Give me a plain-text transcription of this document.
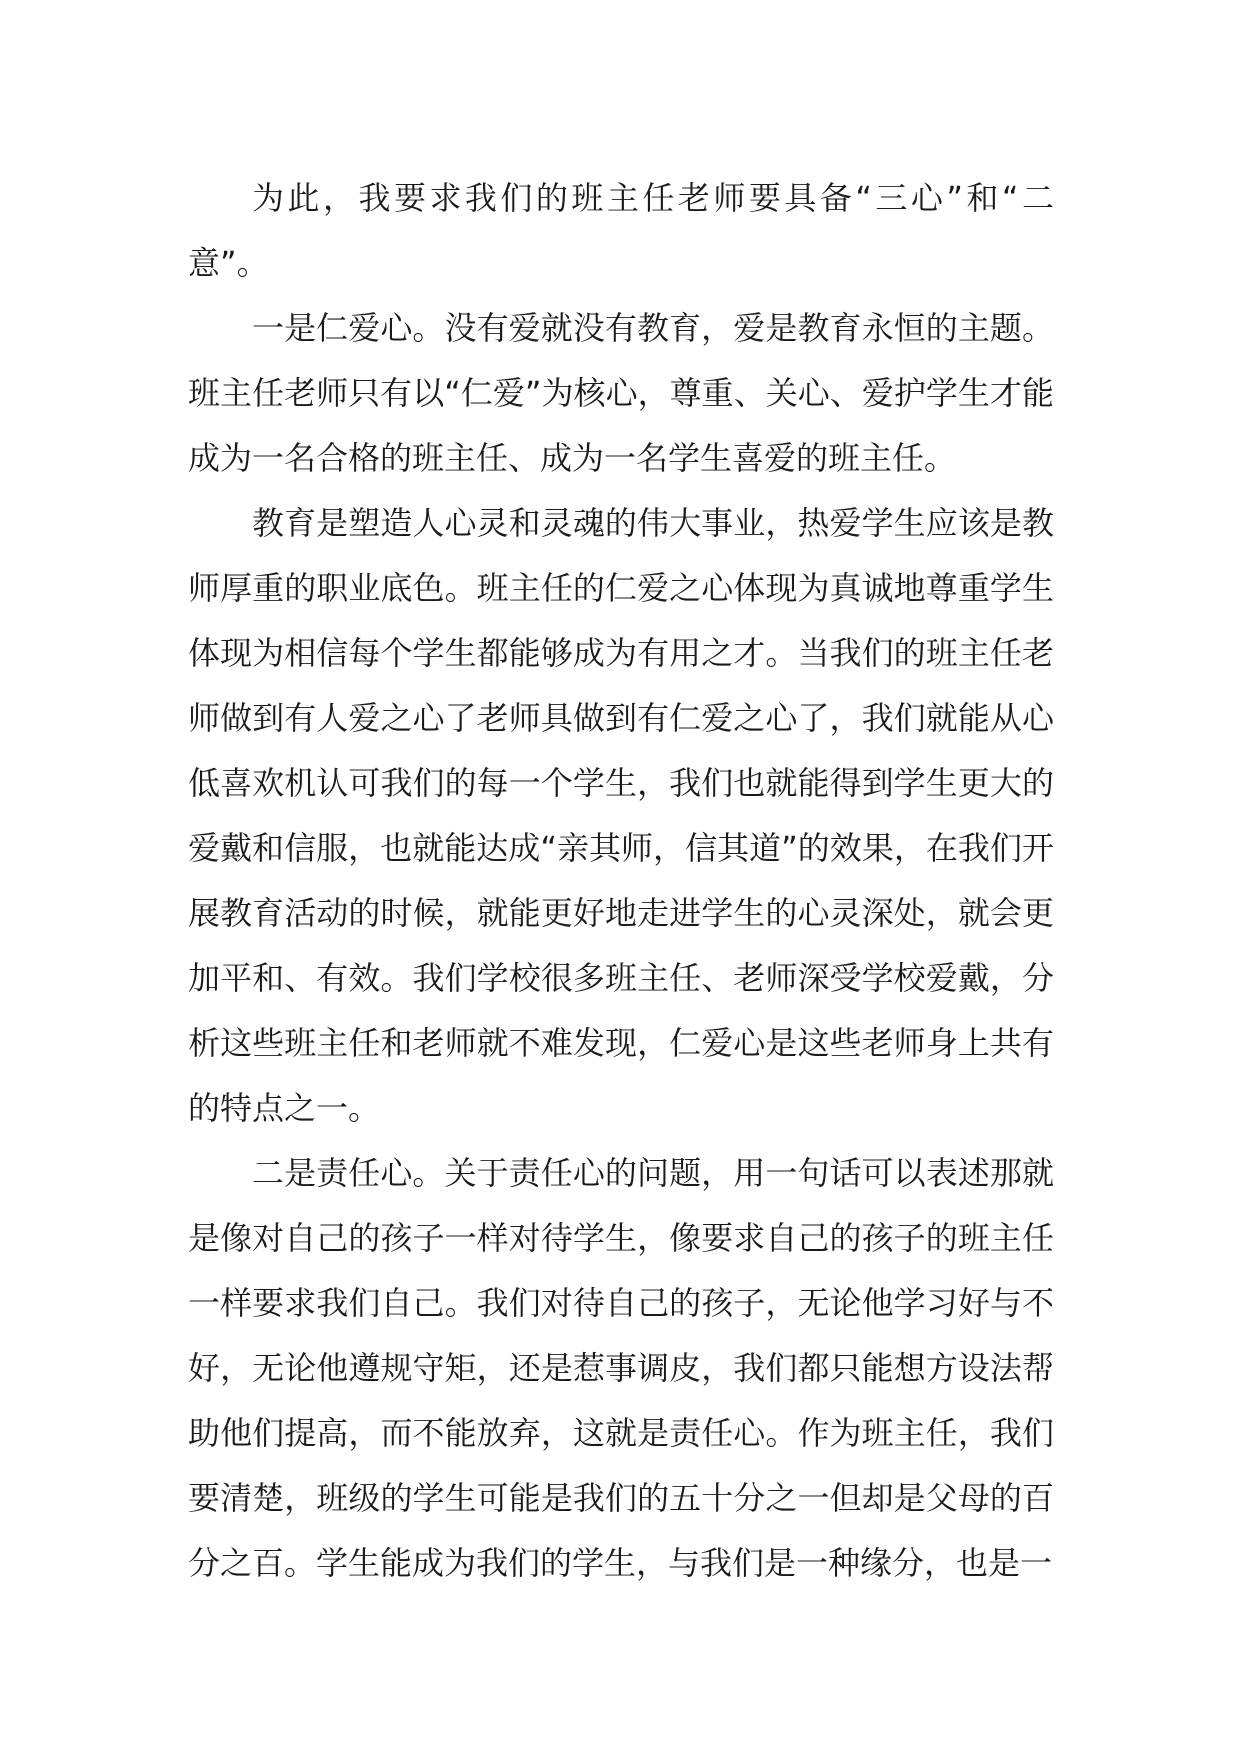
为此，我要求我们的班主任老师要具备“三心”和“二意”。

一是仁爱心。没有爱就没有教育，爱是教育永恒的主题。班主任老师只有以“仁爱”为核心，尊重、关心、爱护学生才能成为一名合格的班主任、成为一名学生喜爱的班主任。

教育是塑造人心灵和灵魂的伟大事业，热爱学生应该是教师厚重的职业底色。班主任的仁爱之心体现为真诚地尊重学生体现为相信每个学生都能够成为有用之才。当我们的班主任老师做到有人爱之心了老师具做到有仁爱之心了，我们就能从心低喜欢机认可我们的每一个学生，我们也就能得到学生更大的爱戴和信服，也就能达成“亲其师，信其道”的效果，在我们开展教育活动的时候，就能更好地走进学生的心灵深处，就会更加平和、有效。我们学校很多班主任、老师深受学校爱戴，分析这些班主任和老师就不难发现，仁爱心是这些老师身上共有的特点之一。

二是责任心。关于责任心的问题，用一句话可以表述那就是像对自己的孩子一样对待学生，像要求自己的孩子的班主任一样要求我们自己。我们对待自己的孩子，无论他学习好与不好，无论他遵规守矩，还是惹事调皮，我们都只能想方设法帮助他们提高，而不能放弃，这就是责任心。作为班主任，我们要清楚，班级的学生可能是我们的五十分之一但却是父母的百分之百。学生能成为我们的学生，与我们是一种缘分，也是一
